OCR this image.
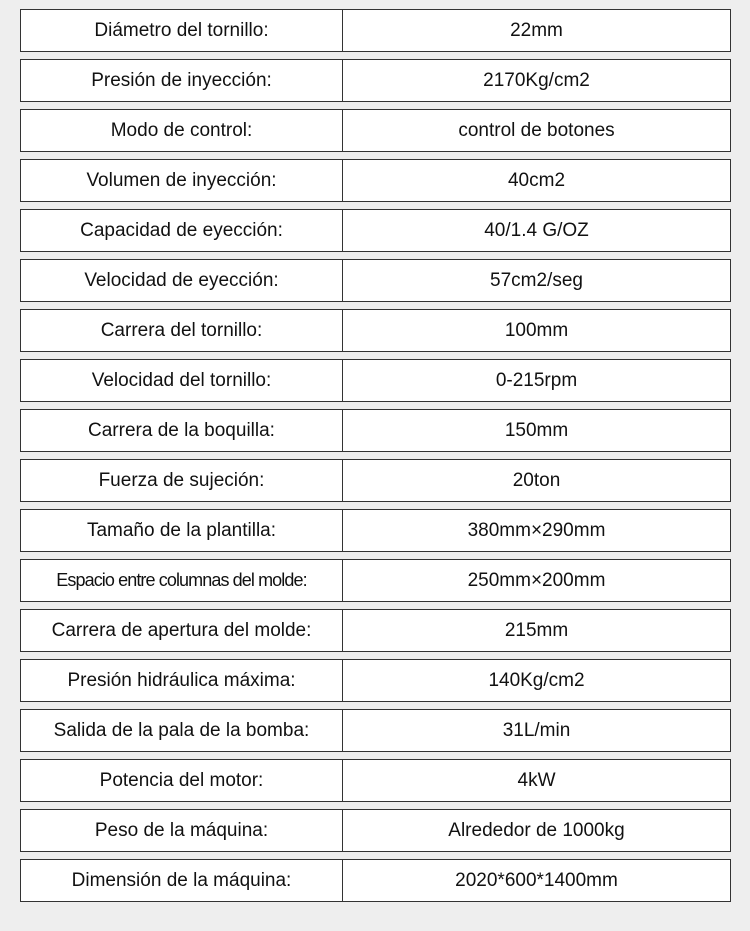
Diámetro del tornillo:	22mm
Presión de inyección:	2170Kg/cm2
Modo de control:	control de botones
Volumen de inyección:	40cm2
Capacidad de eyección:	40/1.4 G/OZ
Velocidad de eyección:	57cm2/seg
Carrera del tornillo:	100mm
Velocidad del tornillo:	0-215rpm
Carrera de la boquilla:	150mm
Fuerza de sujeción:	20ton
Tamaño de la plantilla:	380mm×290mm
Espacio entre columnas del molde:	250mm×200mm
Carrera de apertura del molde:	215mm
Presión hidráulica máxima:	140Kg/cm2
Salida de la pala de la bomba:	31L/min
Potencia del motor:	4kW
Peso de la máquina:	Alrededor de 1000kg
Dimensión de la máquina:	2020*600*1400mm
